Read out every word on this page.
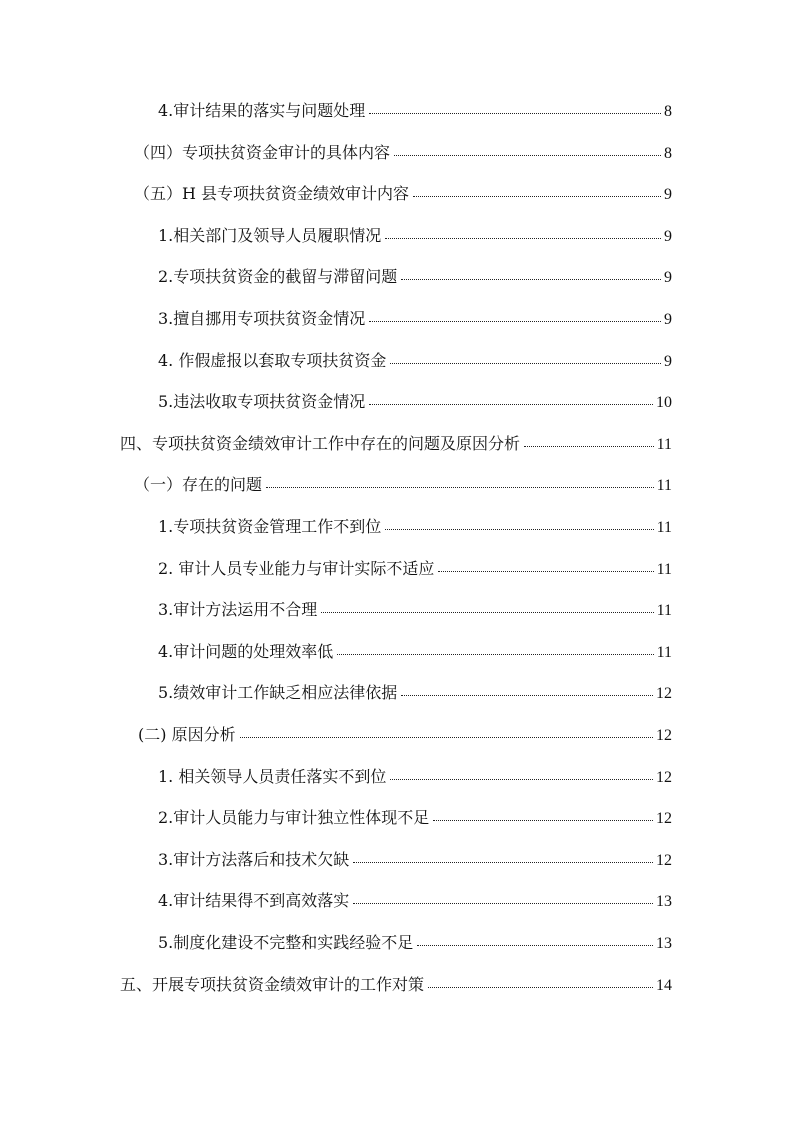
4.审计结果的落实与问题处理	8
（四）专项扶贫资金审计的具体内容	8
（五）H 县专项扶贫资金绩效审计内容	9
1.相关部门及领导人员履职情况	9
2.专项扶贫资金的截留与滞留问题	9
3.擅自挪用专项扶贫资金情况	9
4. 作假虚报以套取专项扶贫资金	9
5.违法收取专项扶贫资金情况	10
四、专项扶贫资金绩效审计工作中存在的问题及原因分析	11
（一）存在的问题	11
1.专项扶贫资金管理工作不到位	11
2. 审计人员专业能力与审计实际不适应	11
3.审计方法运用不合理	11
4.审计问题的处理效率低	11
5.绩效审计工作缺乏相应法律依据	12
(二) 原因分析	12
1. 相关领导人员责任落实不到位	12
2.审计人员能力与审计独立性体现不足	12
3.审计方法落后和技术欠缺	12
4.审计结果得不到高效落实	13
5.制度化建设不完整和实践经验不足	13
五、开展专项扶贫资金绩效审计的工作对策	14
